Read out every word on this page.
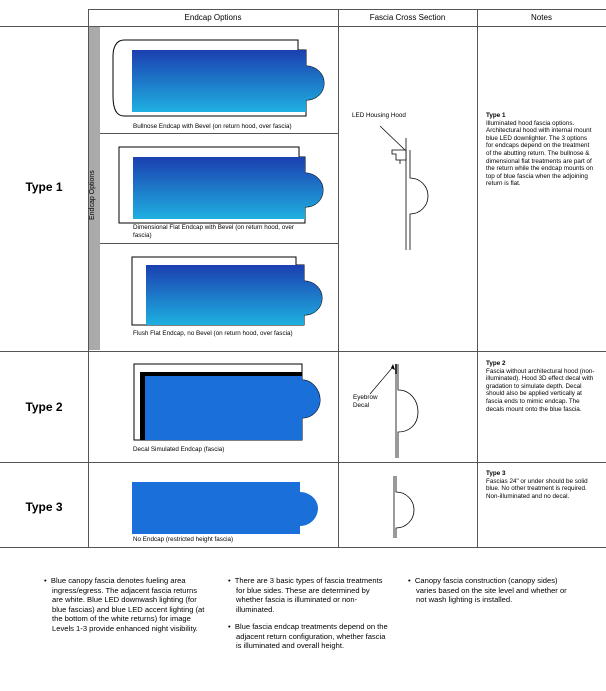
Endcap Options	Fascia Cross Section	Notes
Endcap Options
Type 1
Type 2
Type 3
Bullnose Endcap with Bevel (on return hood, over fascia)
Dimensional Flat Endcap with Bevel (on return hood, over fascia)
Flush Flat Endcap, no Bevel (on return hood, over fascia)
Decal Simulated Endcap (fascia)
No Endcap (restricted height fascia)
LED Housing Hood
Eyebrow Decal
Type 1
Illuminated hood fascia options. Architectural hood with internal mount blue LED downlighter. The 3 options for endcaps depend on the treatment of the abutting return. The bullnose & dimensional flat treatments are part of the return while the endcap mounts on top of blue fascia when the adjoining return is flat.
Type 2
Fascia without architectural hood (non-illuminated). Hood 3D effect decal with gradation to simulate depth. Decal should also be applied vertically at fascia ends to mimic endcap. The decals mount onto the blue fascia.
Type 3
Fascias 24" or under should be solid blue. No other treatment is required. Non-illuminated and no decal.

•  Blue canopy fascia denotes fueling area ingress/egress. The adjacent fascia returns are white. Blue LED downwash lighting (for blue fascias) and blue LED accent lighting (at the bottom of the white returns) for image Levels 1-3 provide enhanced night visibility.

•  There are 3 basic types of fascia treatments for blue sides. These are determined by whether fascia is illuminated or non-illuminated.

•  Blue fascia endcap treatments depend on the adjacent return configuration, whether fascia is illuminated and overall height.

•  Canopy fascia construction (canopy sides) varies based on the site level and whether or not wash lighting is installed.
